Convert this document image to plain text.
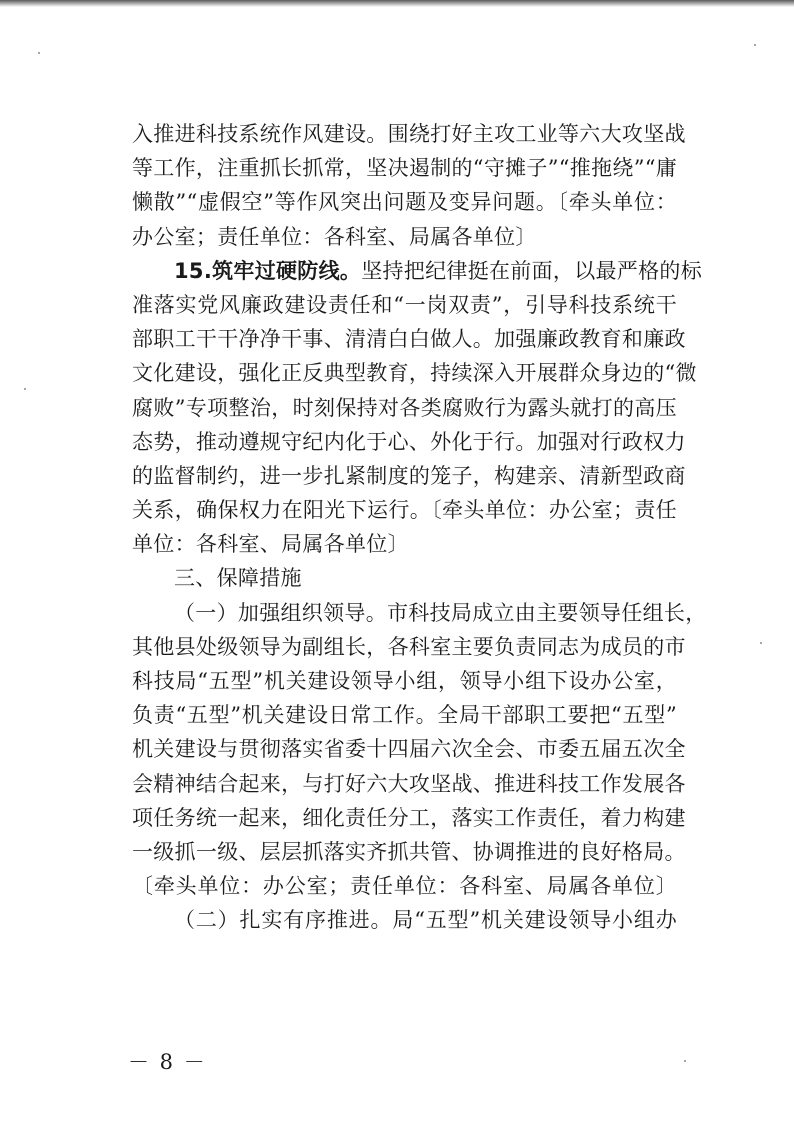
入推进科技系统作风建设。围绕打好主攻工业等六大攻坚战
等工作，注重抓长抓常，坚决遏制的“守摊子”“推拖绕”“庸
懒散”“虚假空”等作风突出问题及变异问题。〔牵头单位：
办公室；责任单位：各科室、局属各单位〕
15.筑牢过硬防线。坚持把纪律挺在前面，以最严格的标
准落实党风廉政建设责任和“一岗双责”，引导科技系统干
部职工干干净净干事、清清白白做人。加强廉政教育和廉政
文化建设，强化正反典型教育，持续深入开展群众身边的“微
腐败”专项整治，时刻保持对各类腐败行为露头就打的高压
态势，推动遵规守纪内化于心、外化于行。加强对行政权力
的监督制约，进一步扎紧制度的笼子，构建亲、清新型政商
关系，确保权力在阳光下运行。〔牵头单位：办公室；责任
单位：各科室、局属各单位〕
三、保障措施
（一）加强组织领导。市科技局成立由主要领导任组长，
其他县处级领导为副组长，各科室主要负责同志为成员的市
科技局“五型”机关建设领导小组，领导小组下设办公室，
负责“五型”机关建设日常工作。全局干部职工要把“五型”
机关建设与贯彻落实省委十四届六次全会、市委五届五次全
会精神结合起来，与打好六大攻坚战、推进科技工作发展各
项任务统一起来，细化责任分工，落实工作责任，着力构建
一级抓一级、层层抓落实齐抓共管、协调推进的良好格局。
〔牵头单位：办公室；责任单位：各科室、局属各单位〕
（二）扎实有序推进。局“五型”机关建设领导小组办
－ 8 －
